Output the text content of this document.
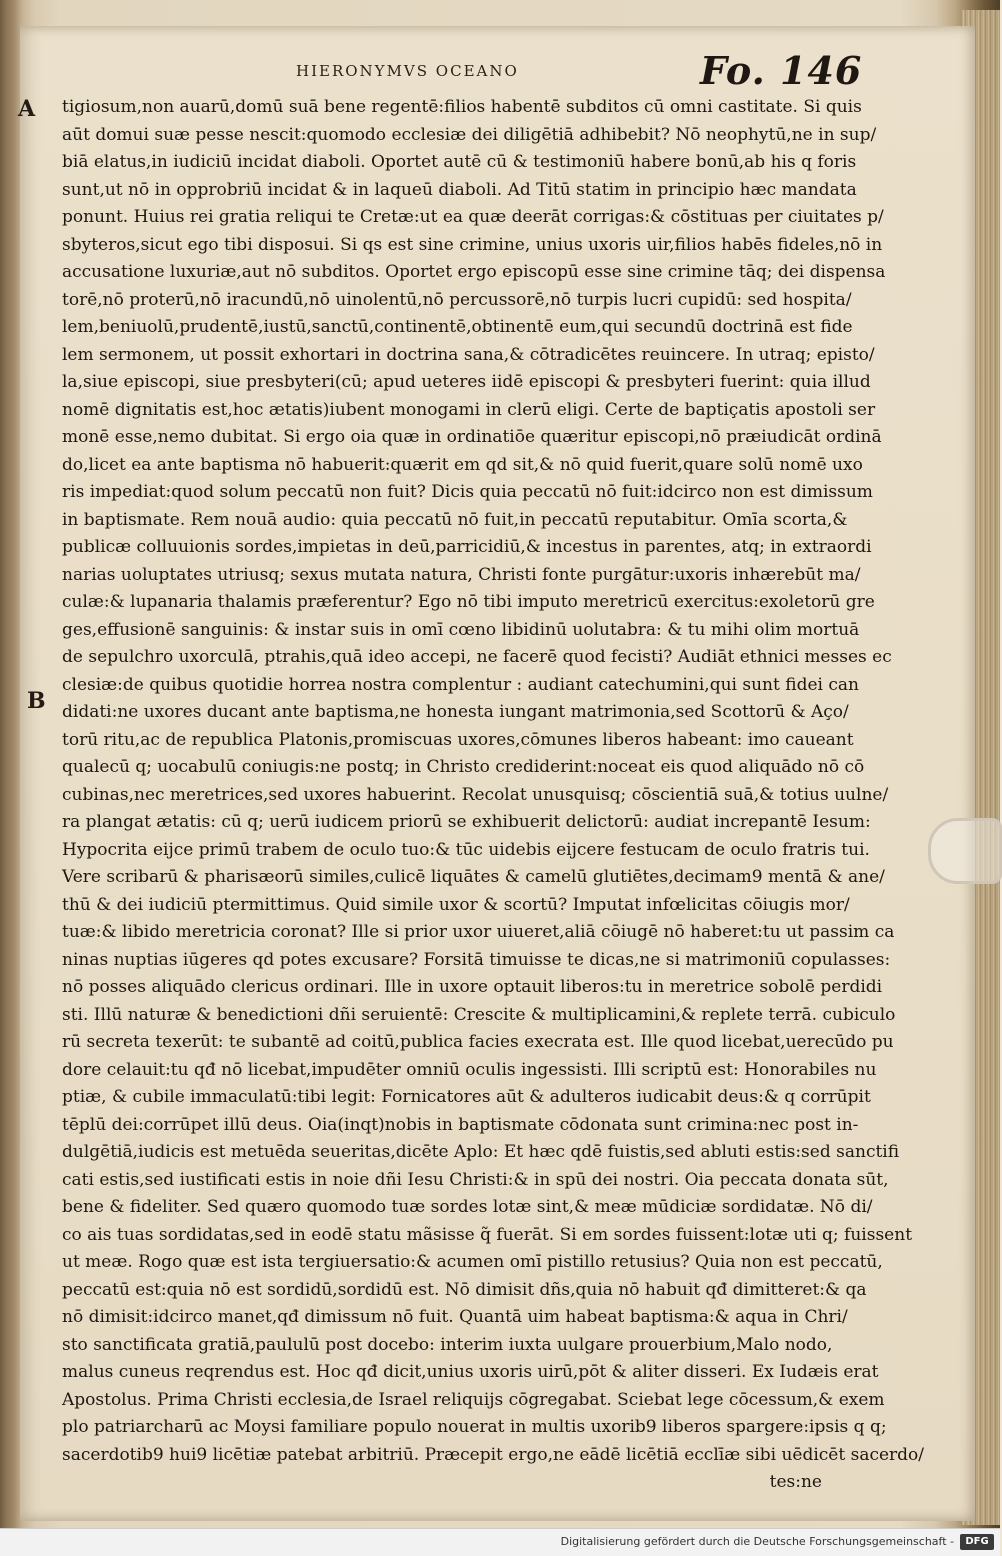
HIERONYMVS OCEANO	Fo. 146
A
B
tigiosum,non auarū,domū suā bene regentē:filios habentē subditos cū omni castitate. Si quis
aūt domui suæ pesse nescit:quomodo ecclesiæ dei diligētiā adhibebit? Nō neophytū,ne in sup/
biā elatus,in iudiciū incidat diaboli. Oportet autē cū & testimoniū habere bonū,ab his q foris
sunt,ut nō in opprobriū incidat & in laqueū diaboli. Ad Titū statim in principio hæc mandata
ponunt. Huius rei gratia reliqui te Cretæ:ut ea quæ deerāt corrigas:& cōstituas per ciuitates p/
sbyteros,sicut ego tibi disposui. Si qs est sine crimine, unius uxoris uir,filios habēs fideles,nō in
accusatione luxuriæ,aut nō subditos. Oportet ergo episcopū esse sine crimine tāq; dei dispensa
torē,nō proterū,nō iracundū,nō uinolentū,nō percussorē,nō turpis lucri cupidū: sed hospita/
lem,beniuolū,prudentē,iustū,sanctū,continentē,obtinentē eum,qui secundū doctrinā est fide
lem sermonem, ut possit exhortari in doctrina sana,& cōtradicētes reuincere. In utraq; episto/
la,siue episcopi, siue presbyteri(cū; apud ueteres iidē episcopi & presbyteri fuerint: quia illud
nomē dignitatis est,hoc ætatis)iubent monogami in clerū eligi. Certe de baptiçatis apostoli ser
monē esse,nemo dubitat. Si ergo oia quæ in ordinatiōe quæritur episcopi,nō præiudicāt ordinā
do,licet ea ante baptisma nō habuerit:quærit em qd sit,& nō quid fuerit,quare solū nomē uxo
ris impediat:quod solum peccatū non fuit? Dicis quia peccatū nō fuit:idcirco non est dimissum
in baptismate. Rem nouā audio: quia peccatū nō fuit,in peccatū reputabitur. Omīa scorta,&
publicæ colluuionis sordes,impietas in deū,parricidiū,& incestus in parentes, atq; in extraordi
narias uoluptates utriusq; sexus mutata natura, Christi fonte purgātur:uxoris inhærebūt ma/
culæ:& lupanaria thalamis præferentur? Ego nō tibi imputo meretricū exercitus:exoletorū gre
ges,effusionē sanguinis: & instar suis in omī cœno libidinū uolutabra: & tu mihi olim mortuā
de sepulchro uxorculā, ptrahis,quā ideo accepi, ne facerē quod fecisti? Audiāt ethnici messes ec
clesiæ:de quibus quotidie horrea nostra complentur : audiant catechumini,qui sunt fidei can
didati:ne uxores ducant ante baptisma,ne honesta iungant matrimonia,sed Scottorū & Aço/
torū ritu,ac de republica Platonis,promiscuas uxores,cōmunes liberos habeant: imo caueant
qualecū q; uocabulū coniugis:ne postq; in Christo crediderint:noceat eis quod aliquādo nō cō
cubinas,nec meretrices,sed uxores habuerint. Recolat unusquisq; cōscientiā suā,& totius uulne/
ra plangat ætatis: cū q; uerū iudicem priorū se exhibuerit delictorū: audiat increpantē Iesum:
Hypocrita eijce primū trabem de oculo tuo:& tūc uidebis eijcere festucam de oculo fratris tui.
Vere scribarū & pharisæorū similes,culicē liquātes & camelū glutiētes,decimam9 mentā & ane/
thū & dei iudiciū ptermittimus. Quid simile uxor & scortū? Imputat infœlicitas cōiugis mor/
tuæ:& libido meretricia coronat? Ille si prior uxor uiueret,aliā cōiugē nō haberet:tu ut passim ca
ninas nuptias iūgeres qd potes excusare? Forsitā timuisse te dicas,ne si matrimoniū copulasses:
nō posses aliquādo clericus ordinari. Ille in uxore optauit liberos:tu in meretrice sobolē perdidi
sti. Illū naturæ & benedictioni dñi seruientē: Crescite & multiplicamini,& replete terrā. cubiculo
rū secreta texerūt: te subantē ad coitū,publica facies execrata est. Ille quod licebat,uerecūdo pu
dore celauit:tu qđ nō licebat,impudēter omniū oculis ingessisti. Illi scriptū est: Honorabiles nu
ptiæ, & cubile immaculatū:tibi legit: Fornicatores aūt & adulteros iudicabit deus:& q corrūpit
tēplū dei:corrūpet illū deus. Oia(inqt)nobis in baptismate cōdonata sunt crimina:nec post in-
dulgētiā,iudicis est metuēda seueritas,dicēte Aplo: Et hæc qdē fuistis,sed abluti estis:sed sanctifi
cati estis,sed iustificati estis in noie dñi Iesu Christi:& in spū dei nostri. Oia peccata donata sūt,
bene & fideliter. Sed quæro quomodo tuæ sordes lotæ sint,& meæ mūdiciæ sordidatæ. Nō di/
co ais tuas sordidatas,sed in eodē statu mãsisse q̃ fuerāt. Si em sordes fuissent:lotæ uti q; fuissent
ut meæ. Rogo quæ est ista tergiuersatio:& acumen omī pistillo retusius? Quia non est peccatū,
peccatū est:quia nō est sordidū,sordidū est. Nō dimisit dñs,quia nō habuit qđ dimitteret:& qa
nō dimisit:idcirco manet,qđ dimissum nō fuit. Quantā uim habeat baptisma:& aqua in Chri/
sto sanctificata gratiā,paululū post docebo: interim iuxta uulgare prouerbium,Malo nodo,
malus cuneus reqrendus est. Hoc qđ dicit,unius uxoris uirū,pōt & aliter disseri. Ex Iudæis erat
Apostolus. Prima Christi ecclesia,de Israel reliquijs cōgregabat. Sciebat lege cōcessum,& exem
plo patriarcharū ac Moysi familiare populo nouerat in multis uxorib9 liberos spargere:ipsis q q;
sacerdotib9 hui9 licētiæ patebat arbitriū. Præcepit ergo,ne eādē licētiā ecclīæ sibi uēdicēt sacerdo/
tes:ne
Digitalisierung gefördert durch die Deutsche Forschungsgemeinschaft -	DFG
